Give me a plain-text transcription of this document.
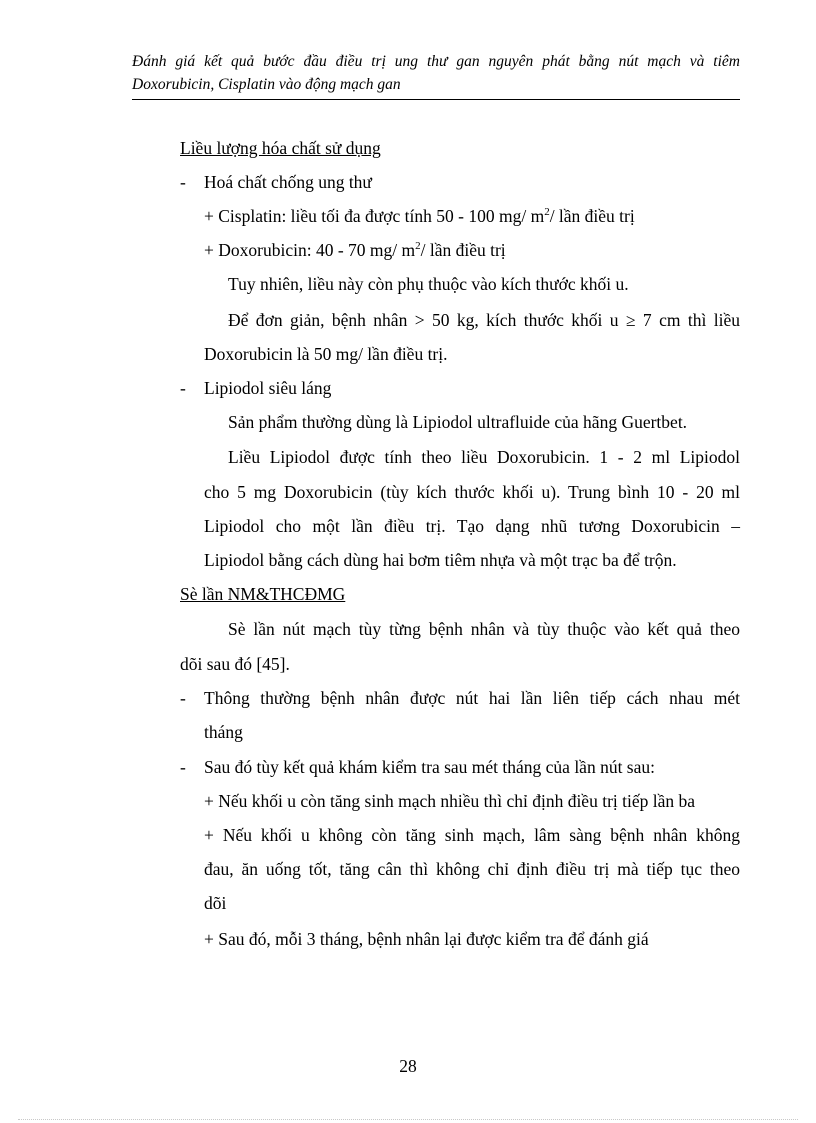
Đánh giá kết quả bước đầu điều trị ung thư gan nguyên phát bằng nút mạch và tiêm
Doxorubicin, Cisplatin vào động mạch gan
Liều lượng hóa chất sử dụng
- Hoá chất chống ung thư
+ Cisplatin: liều tối đa được tính 50 - 100 mg/ $m^2/$ lần điều trị
+ Doxorubicin: 40 - 70 mg/ $m^2/$ lần điều trị
Tuy nhiên, liều này còn phụ thuộc vào kích thước khối u.
Để đơn giản, bệnh nhân > 50 kg, kích thước khối u ≥ 7 cm thì liều
Doxorubicin là 50 mg/ lần điều trị.
- Lipiodol siêu láng
Sản phẩm thường dùng là Lipiodol ultrafluide của hãng Guertbet.
Liều Lipiodol được tính theo liều Doxorubicin. 1 - 2 ml Lipiodol
cho 5 mg Doxorubicin (tùy kích thước khối u). Trung bình 10 - 20 ml
Lipiodol cho một lần điều trị. Tạo dạng nhũ tương Doxorubicin –
Lipiodol bằng cách dùng hai bơm tiêm nhựa và một trạc ba để trộn.
Sè lần NM&THCĐMG
Sè lần nút mạch tùy từng bệnh nhân và tùy thuộc vào kết quả theo
dõi sau đó [45].
- Thông thường bệnh nhân được nút hai lần liên tiếp cách nhau mét
tháng
- Sau đó tùy kết quả khám kiểm tra sau mét tháng của lần nút sau:
+ Nếu khối u còn tăng sinh mạch nhiều thì chỉ định điều trị tiếp lần ba
+ Nếu khối u không còn tăng sinh mạch, lâm sàng bệnh nhân không
đau, ăn uống tốt, tăng cân thì không chỉ định điều trị mà tiếp tục theo
dõi
+ Sau đó, mỗi 3 tháng, bệnh nhân lại được kiểm tra để đánh giá
28
